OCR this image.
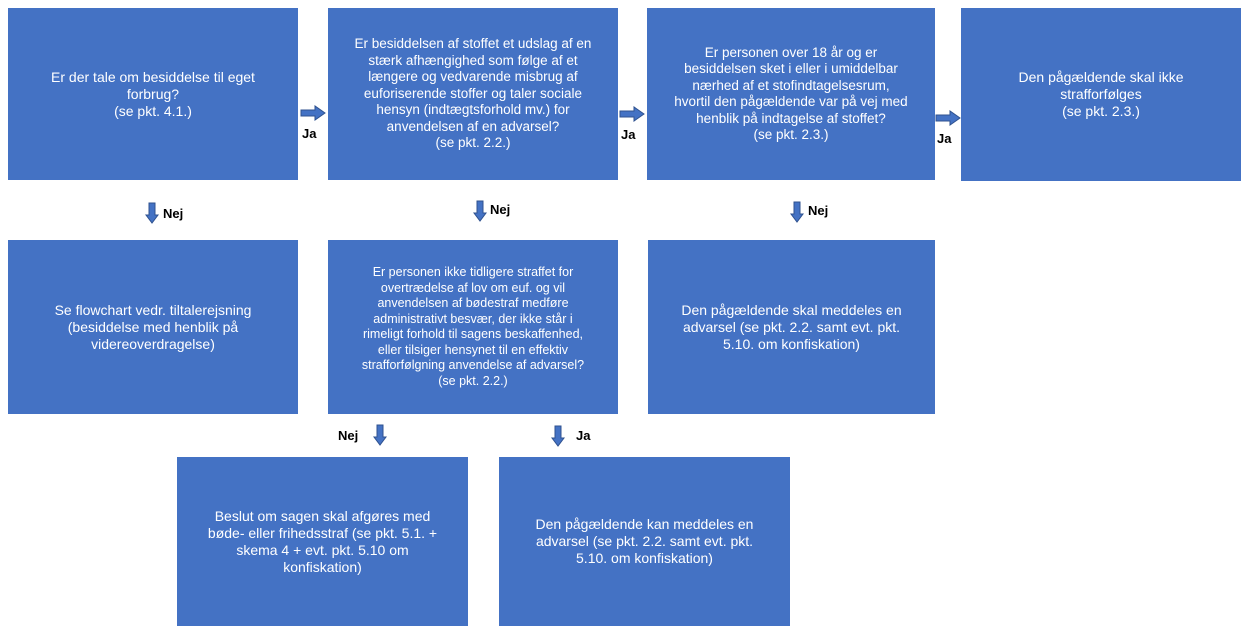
Er der tale om besiddelse til eget
forbrug?
(se pkt. 4.1.)
Er besiddelsen af stoffet et udslag af en
stærk afhængighed som følge af et
længere og vedvarende misbrug af
euforiserende stoffer og taler sociale
hensyn (indtægtsforhold mv.) for
anvendelsen af en advarsel?
(se pkt. 2.2.)
Er personen over 18 år og er
besiddelsen sket i eller i umiddelbar
nærhed af et stofindtagelsesrum,
hvortil den pågældende var på vej med
henblik på indtagelse af stoffet?
(se pkt. 2.3.)
Den pågældende skal ikke
strafforfølges
(se pkt. 2.3.)
Se flowchart vedr. tiltalerejsning
(besiddelse med henblik på
videreoverdragelse)
Er personen ikke tidligere straffet for
overtrædelse af lov om euf. og vil
anvendelsen af bødestraf medføre
administrativt besvær, der ikke står i
rimeligt forhold til sagens beskaffenhed,
eller tilsiger hensynet til en effektiv
strafforfølgning anvendelse af advarsel?
(se pkt. 2.2.)
Den pågældende skal meddeles en
advarsel (se pkt. 2.2. samt evt. pkt.
5.10. om konfiskation)
Beslut om sagen skal afgøres med
bøde- eller frihedsstraf (se pkt. 5.1. +
skema 4 + evt. pkt. 5.10 om
konfiskation)
Den pågældende kan meddeles en
advarsel (se pkt. 2.2. samt evt. pkt.
5.10. om konfiskation)
Ja	Ja	Ja
Nej	Nej	Nej
Nej	Ja
